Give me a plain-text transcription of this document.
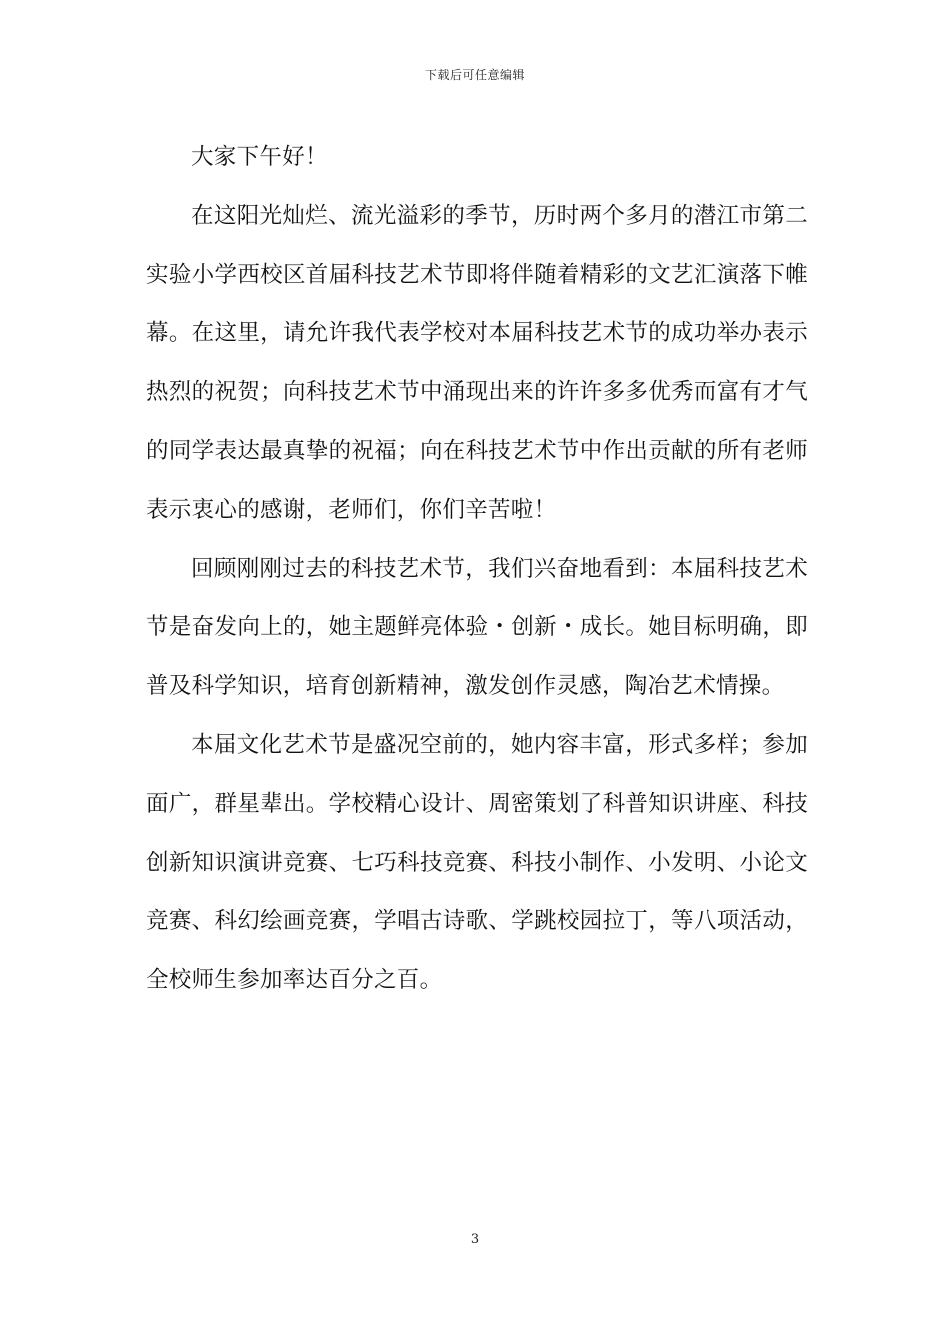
下载后可任意编辑

大家下午好！

在这阳光灿烂、流光溢彩的季节，历时两个多月的潜江市第二实验小学西校区首届科技艺术节即将伴随着精彩的文艺汇演落下帷幕。在这里，请允许我代表学校对本届科技艺术节的成功举办表示热烈的祝贺；向科技艺术节中涌现出来的许许多多优秀而富有才气的同学表达最真挚的祝福；向在科技艺术节中作出贡献的所有老师表示衷心的感谢，老师们，你们辛苦啦！

回顾刚刚过去的科技艺术节，我们兴奋地看到：本届科技艺术节是奋发向上的，她主题鲜亮体验・创新・成长。她目标明确，即普及科学知识，培育创新精神，激发创作灵感，陶冶艺术情操。

本届文化艺术节是盛况空前的，她内容丰富，形式多样；参加面广，群星辈出。学校精心设计、周密策划了科普知识讲座、科技创新知识演讲竞赛、七巧科技竞赛、科技小制作、小发明、小论文竞赛、科幻绘画竞赛，学唱古诗歌、学跳校园拉丁，等八项活动，全校师生参加率达百分之百。

3
